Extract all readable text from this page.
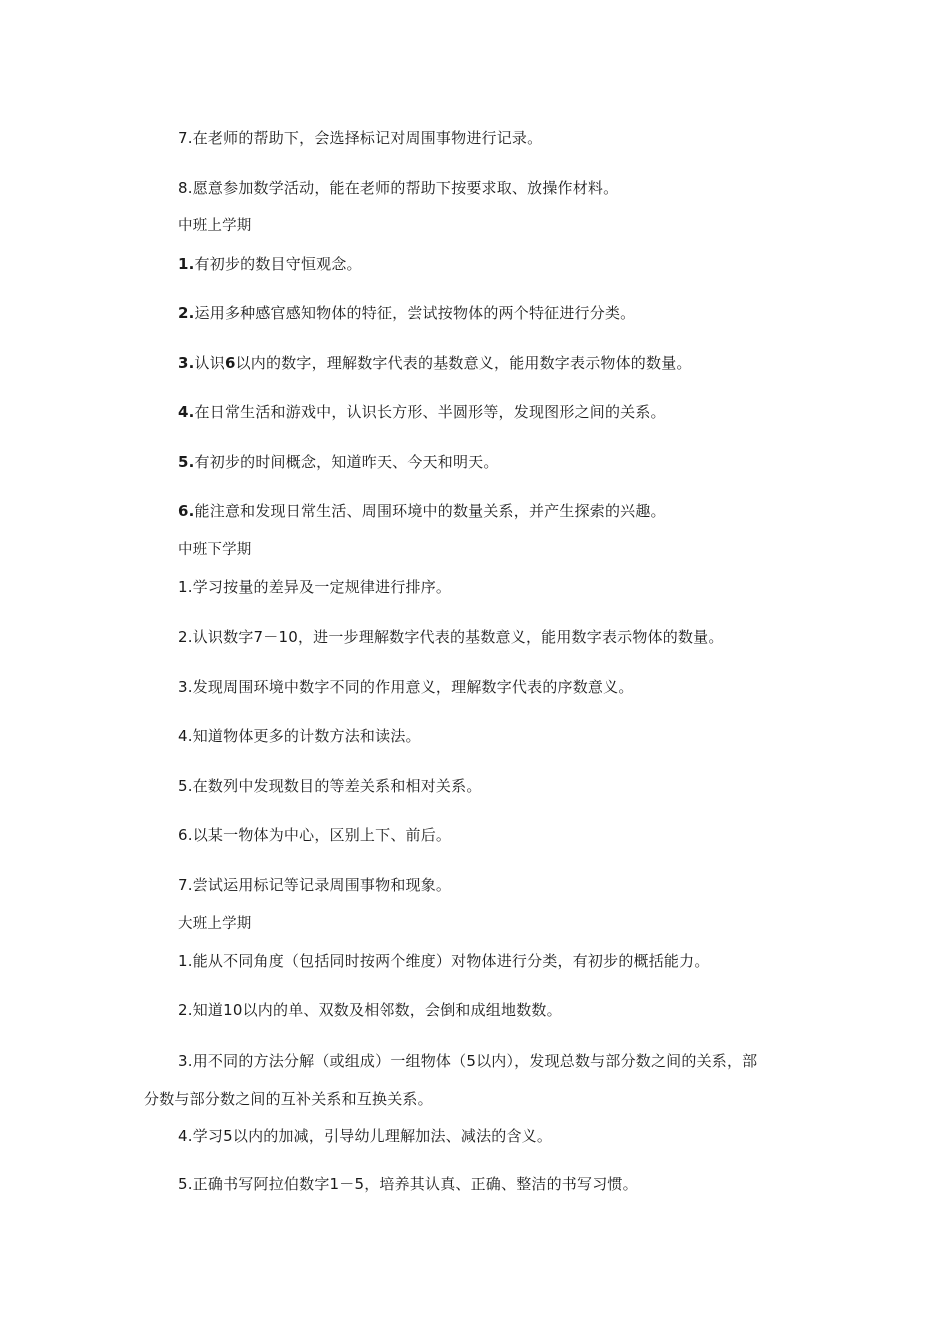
7.在老师的帮助下，会选择标记对周围事物进行记录。
8.愿意参加数学活动，能在老师的帮助下按要求取、放操作材料。
中班上学期
1.有初步的数目守恒观念。
2.运用多种感官感知物体的特征，尝试按物体的两个特征进行分类。
3.认识6以内的数字，理解数字代表的基数意义，能用数字表示物体的数量。
4.在日常生活和游戏中，认识长方形、半圆形等，发现图形之间的关系。
5.有初步的时间概念，知道昨天、今天和明天。
6.能注意和发现日常生活、周围环境中的数量关系，并产生探索的兴趣。
中班下学期
1.学习按量的差异及一定规律进行排序。
2.认识数字7－10，进一步理解数字代表的基数意义，能用数字表示物体的数量。
3.发现周围环境中数字不同的作用意义，理解数字代表的序数意义。
4.知道物体更多的计数方法和读法。
5.在数列中发现数目的等差关系和相对关系。
6.以某一物体为中心，区别上下、前后。
7.尝试运用标记等记录周围事物和现象。
大班上学期
1.能从不同角度（包括同时按两个维度）对物体进行分类，有初步的概括能力。
2.知道10以内的单、双数及相邻数，会倒和成组地数数。
3.用不同的方法分解（或组成）一组物体（5以内），发现总数与部分数之间的关系，部
分数与部分数之间的互补关系和互换关系。
4.学习5以内的加减，引导幼儿理解加法、减法的含义。
5.正确书写阿拉伯数字1－5，培养其认真、正确、整洁的书写习惯。
